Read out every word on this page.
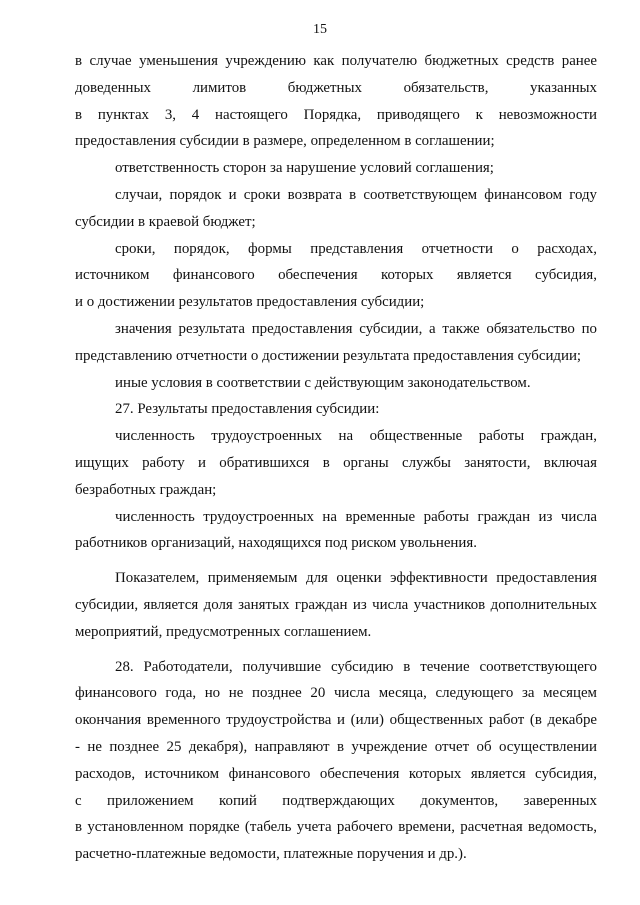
15
в случае уменьшения учреждению как получателю бюджетных средств ранее
доведенных лимитов бюджетных обязательств, указанных
в пунктах 3, 4 настоящего Порядка, приводящего к невозможности
предоставления субсидии в размере, определенном в соглашении;
ответственность сторон за нарушение условий соглашения;
случаи, порядок и сроки возврата в соответствующем финансовом году
субсидии в краевой бюджет;
сроки, порядок, формы представления отчетности о расходах,
источником финансового обеспечения которых является субсидия,
и о достижении результатов предоставления субсидии;
значения результата предоставления субсидии, а также обязательство по
представлению отчетности о достижении результата предоставления субсидии;
иные условия в соответствии с действующим законодательством.
27. Результаты предоставления субсидии:
численность трудоустроенных на общественные работы граждан,
ищущих работу и обратившихся в органы службы занятости, включая
безработных граждан;
численность трудоустроенных на временные работы граждан из числа
работников организаций, находящихся под риском увольнения.
Показателем, применяемым для оценки эффективности предоставления
субсидии, является доля занятых граждан из числа участников дополнительных
мероприятий, предусмотренных соглашением.
28. Работодатели, получившие субсидию в течение соответствующего
финансового года, но не позднее 20 числа месяца, следующего за месяцем
окончания временного трудоустройства и (или) общественных работ (в декабре
- не позднее 25 декабря), направляют в учреждение отчет об осуществлении
расходов, источником финансового обеспечения которых является субсидия,
с приложением копий подтверждающих документов, заверенных
в установленном порядке (табель учета рабочего времени, расчетная ведомость,
расчетно-платежные ведомости, платежные поручения и др.).
